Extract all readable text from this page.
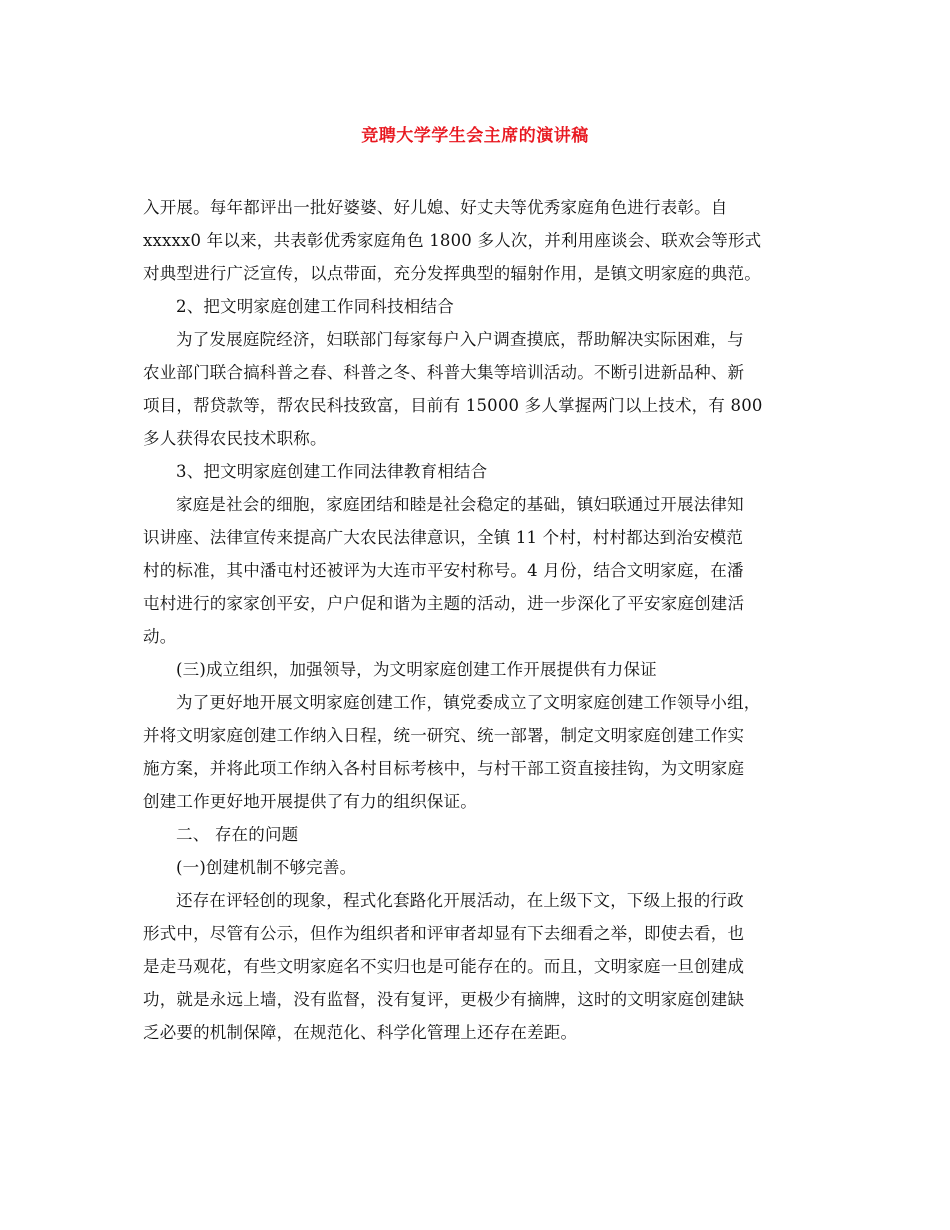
竞聘大学学生会主席的演讲稿
入开展。每年都评出一批好婆婆、好儿媳、好丈夫等优秀家庭角色进行表彰。自
xxxxx0 年以来，共表彰优秀家庭角色 1800 多人次，并利用座谈会、联欢会等形式
对典型进行广泛宣传，以点带面，充分发挥典型的辐射作用，是镇文明家庭的典范。
2、把文明家庭创建工作同科技相结合
为了发展庭院经济，妇联部门每家每户入户调查摸底，帮助解决实际困难，与
农业部门联合搞科普之春、科普之冬、科普大集等培训活动。不断引进新品种、新
项目，帮贷款等，帮农民科技致富，目前有 15000 多人掌握两门以上技术，有 800
多人获得农民技术职称。
3、把文明家庭创建工作同法律教育相结合
家庭是社会的细胞，家庭团结和睦是社会稳定的基础，镇妇联通过开展法律知
识讲座、法律宣传来提高广大农民法律意识，全镇 11 个村，村村都达到治安模范
村的标准，其中潘屯村还被评为大连市平安村称号。4 月份，结合文明家庭，在潘
屯村进行的家家创平安，户户促和谐为主题的活动，进一步深化了平安家庭创建活
动。
(三)成立组织，加强领导，为文明家庭创建工作开展提供有力保证
为了更好地开展文明家庭创建工作，镇党委成立了文明家庭创建工作领导小组，
并将文明家庭创建工作纳入日程，统一研究、统一部署，制定文明家庭创建工作实
施方案，并将此项工作纳入各村目标考核中，与村干部工资直接挂钩，为文明家庭
创建工作更好地开展提供了有力的组织保证。
二、 存在的问题
(一)创建机制不够完善。
还存在评轻创的现象，程式化套路化开展活动，在上级下文，下级上报的行政
形式中，尽管有公示，但作为组织者和评审者却显有下去细看之举，即使去看，也
是走马观花，有些文明家庭名不实归也是可能存在的。而且，文明家庭一旦创建成
功，就是永远上墙，没有监督，没有复评，更极少有摘牌，这时的文明家庭创建缺
乏必要的机制保障，在规范化、科学化管理上还存在差距。
